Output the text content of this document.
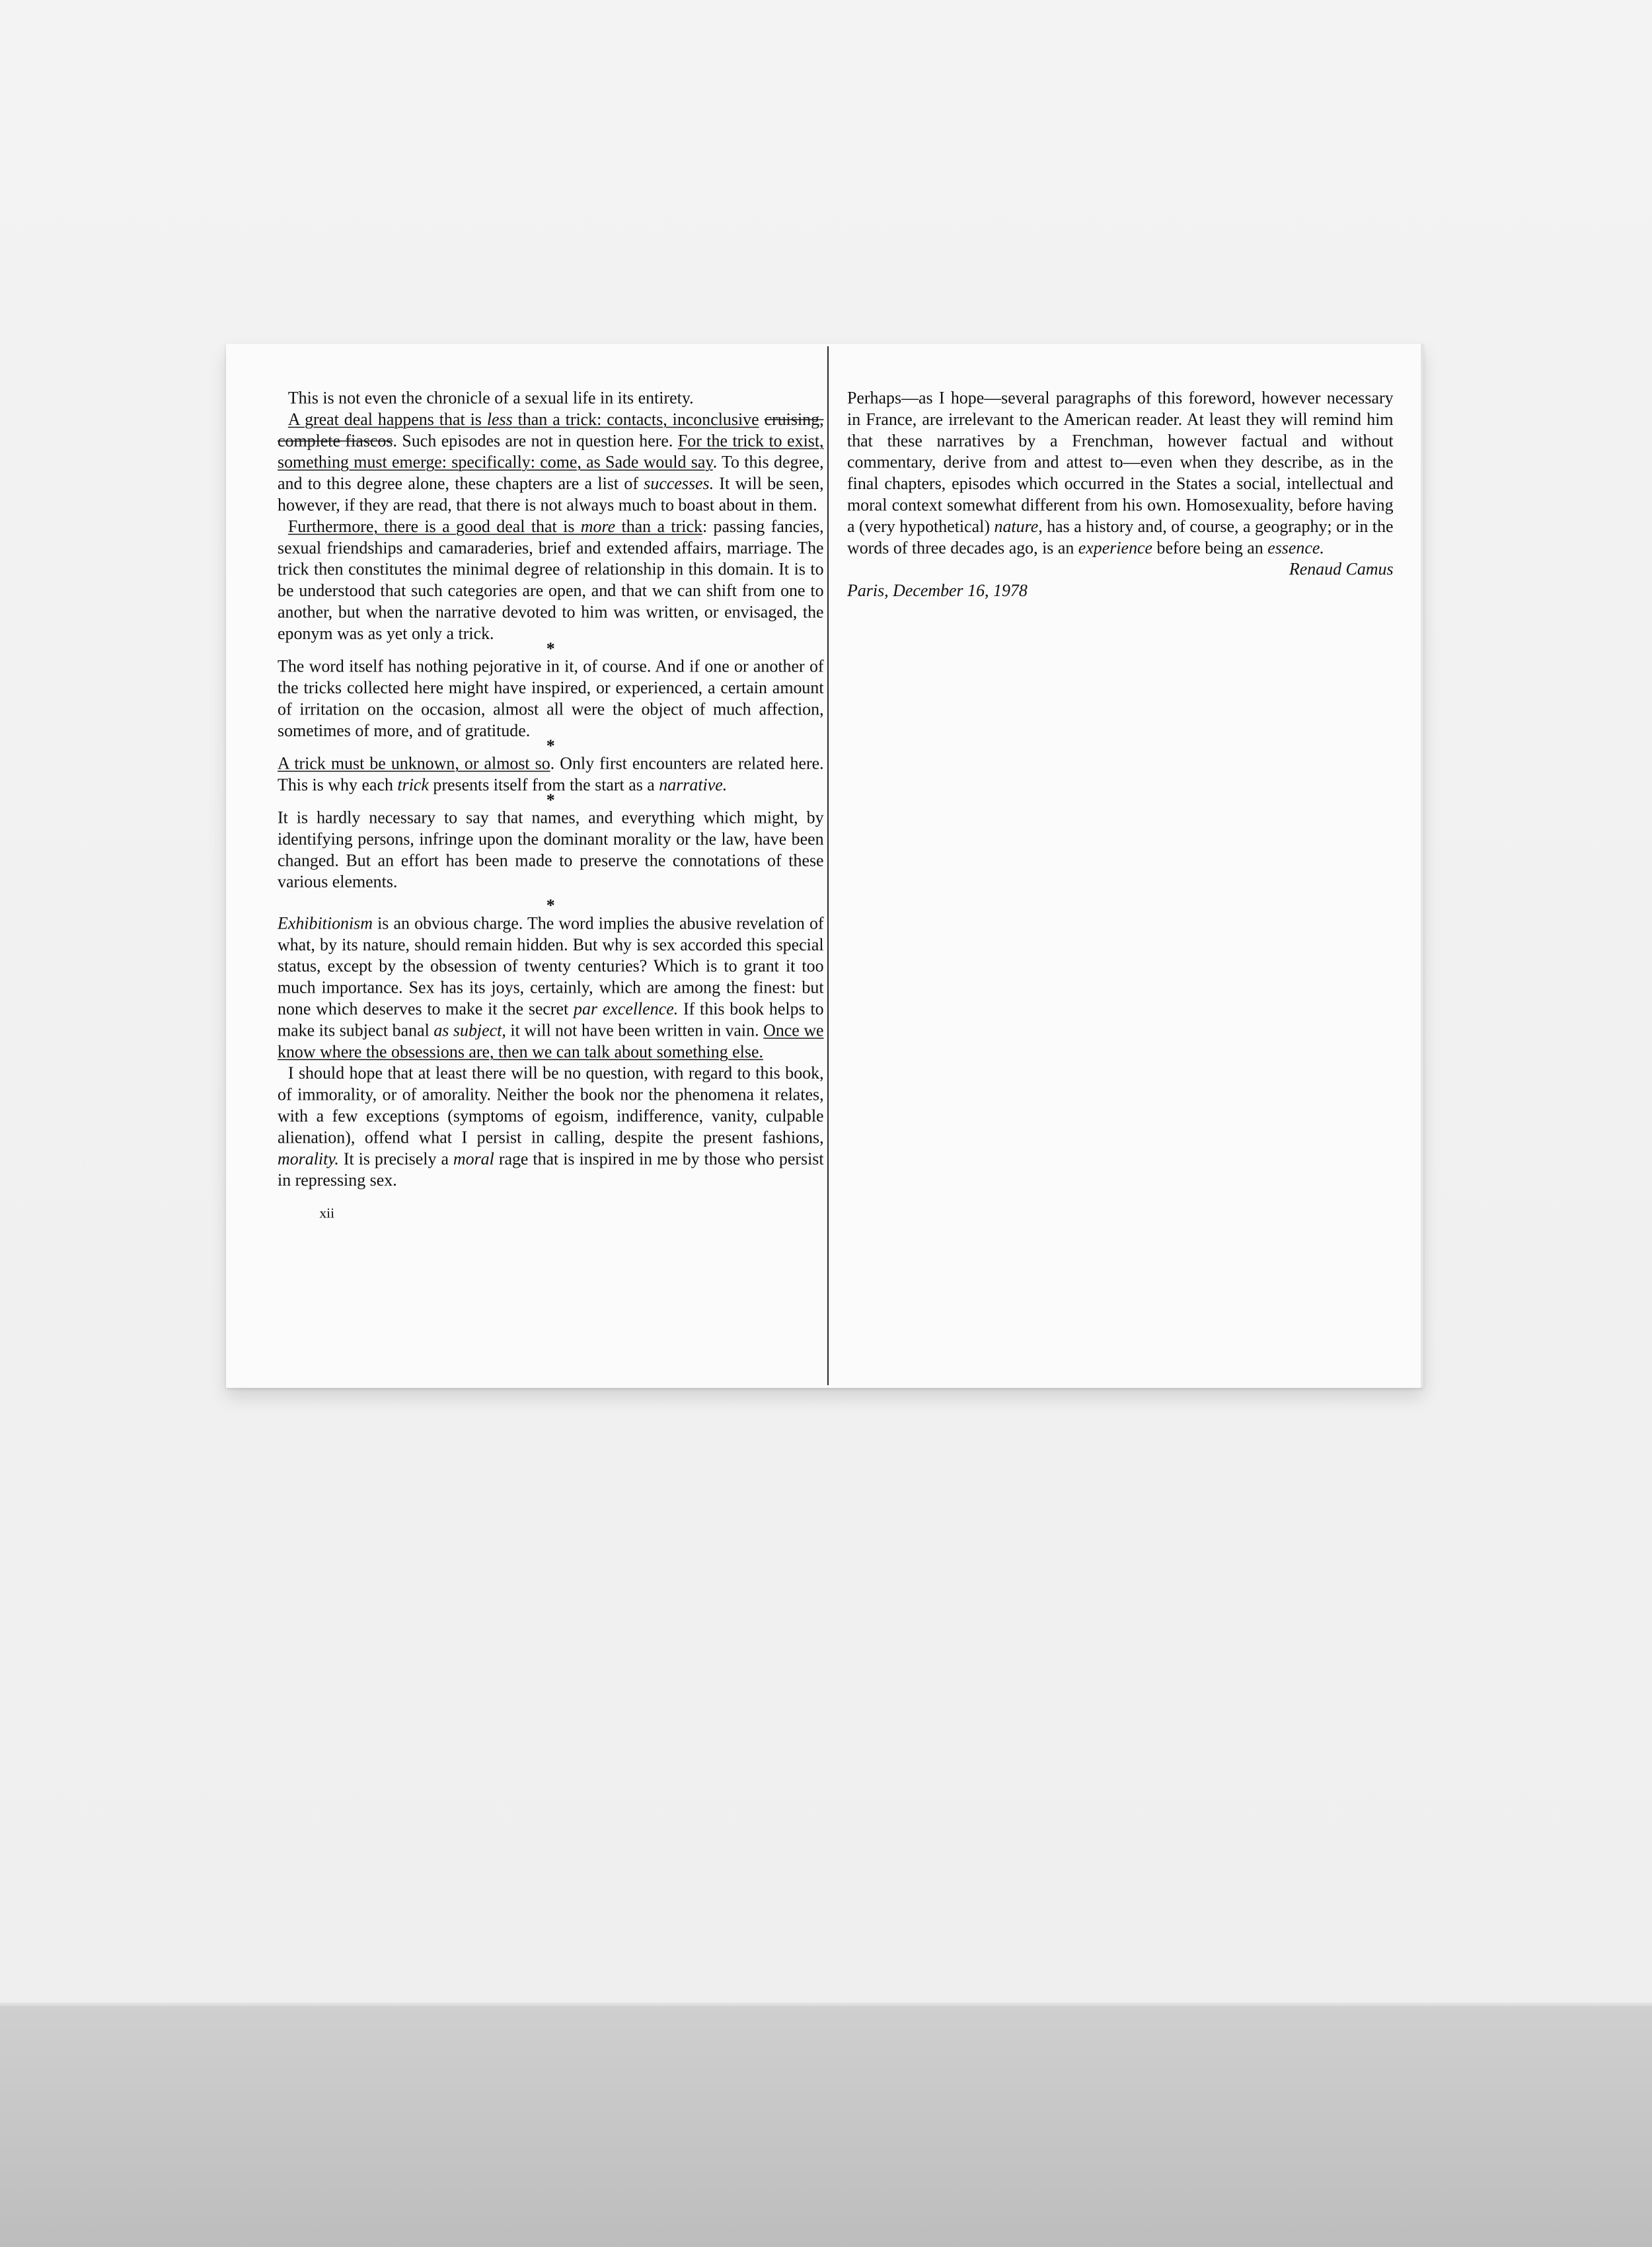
This is not even the chronicle of a sexual life in its entirety.

A great deal happens that is less than a trick: contacts, inconclusive cruising, complete fiascos. Such episodes are not in question here. For the trick to exist, something must emerge: specifically: come, as Sade would say. To this degree, and to this degree alone, these chapters are a list of successes. It will be seen, however, if they are read, that there is not always much to boast about in them.

Furthermore, there is a good deal that is more than a trick: passing fancies, sexual friendships and camaraderies, brief and extended affairs, marriage. The trick then constitutes the minimal degree of relationship in this domain. It is to be understood that such categories are open, and that we can shift from one to another, but when the narrative devoted to him was written, or envisaged, the eponym was as yet only a trick.

*

The word itself has nothing pejorative in it, of course. And if one or another of the tricks collected here might have inspired, or experienced, a certain amount of irritation on the occasion, almost all were the object of much affection, sometimes of more, and of gratitude.

*

A trick must be unknown, or almost so. Only first encounters are related here. This is why each trick presents itself from the start as a narrative.

*

It is hardly necessary to say that names, and everything which might, by identifying persons, infringe upon the dominant morality or the law, have been changed. But an effort has been made to preserve the connotations of these various elements.

*

Exhibitionism is an obvious charge. The word implies the abusive revelation of what, by its nature, should remain hidden. But why is sex accorded this special status, except by the obsession of twenty centuries? Which is to grant it too much importance. Sex has its joys, certainly, which are among the finest: but none which deserves to make it the secret par excellence. If this book helps to make its subject banal as subject, it will not have been written in vain. Once we know where the obsessions are, then we can talk about something else.

I should hope that at least there will be no question, with regard to this book, of immorality, or of amorality. Neither the book nor the phenomena it relates, with a few exceptions (symptoms of egoism, indifference, vanity, culpable alienation), offend what I persist in calling, despite the present fashions, morality. It is precisely a moral rage that is inspired in me by those who persist in repressing sex.

xii

Perhaps—as I hope—several paragraphs of this foreword, however necessary in France, are irrelevant to the American reader. At least they will remind him that these narratives by a Frenchman, however factual and without commentary, derive from and attest to—even when they describe, as in the final chapters, episodes which occurred in the States a social, intellectual and moral context somewhat different from his own. Homosexuality, before having a (very hypothetical) nature, has a history and, of course, a geography; or in the words of three decades ago, is an experience before being an essence.

Renaud Camus

Paris, December 16, 1978
